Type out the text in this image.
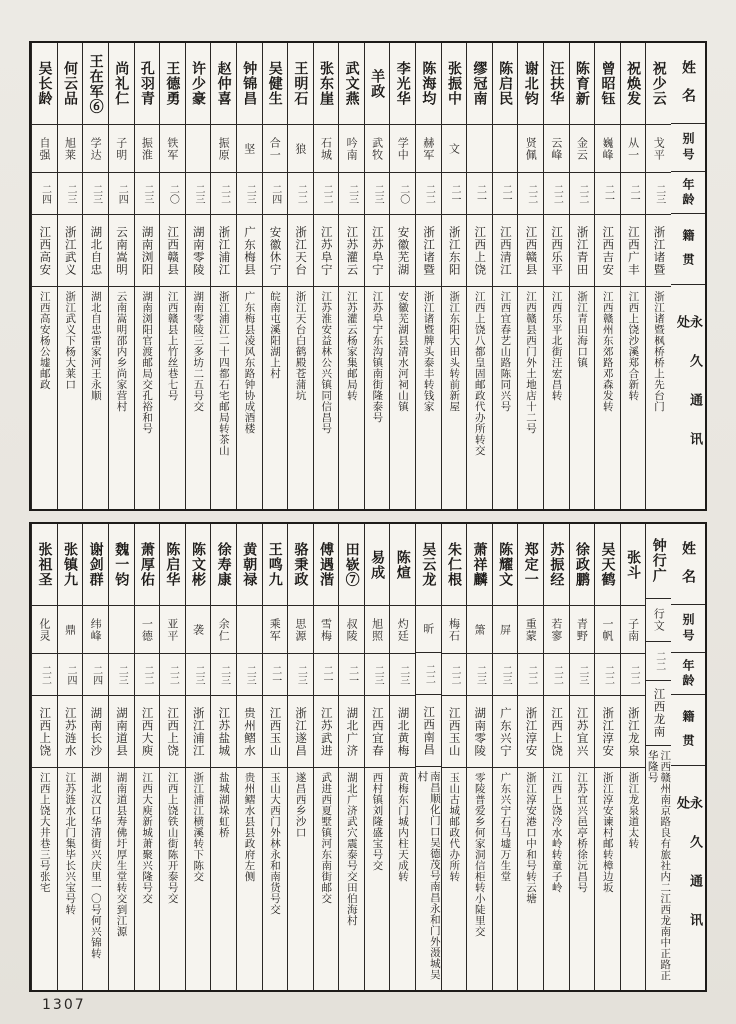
姓名
别号
年龄
籍贯
永久通讯处
祝少云
戈平
二三
浙江诸暨
浙江诸暨枫桥桥上先台门
祝焕发
从一
二一
江西广丰
江西上饶沙溪郑合新转
曾昭钰
巍峰
二一
江西吉安
江西赣州东郊路邓森发转
陈育新
金云
二二
浙江青田
浙江青田海口镇
汪扶华
云峰
二二
江西乐平
江西乐平北街汪宏昌转
谢北钧
贤佩
二二
江西赣县
江西赣县西门外土地店十二号
陈启民
二一
江西清江
江西宜春艺山路陈同兴号
缪冠南
二一
江西上饶
江西上饶八都皇固邮政代办所转交
张振中
文
二一
浙江东阳
浙江东阳大田头转前新屋
陈海均
赫军
二二
浙江诸暨
浙江诸暨牌头泰丰转钱家
李光华
学中
二〇
安徽芜湖
安徽芜湖县清水河祠山镇
羊政
武牧
二三
江苏阜宁
江苏阜宁东沟镇南街隆泰号
武文燕
吟南
二三
江苏灌云
江苏灌云杨家集邮局转
张东崖
石城
二二
江苏阜宁
江苏淮安益林公兴镇同信昌号
王明石
狼
二二
浙江天台
浙江天台白鹤殿苍蒲坑
吴健生
合一
二四
安徽休宁
皖南屯溪阳湖上村
钟锦昌
坚
二三
广东梅县
广东梅县凌风东路钟协成酒楼
赵仲喜
振原
二二
浙江浦江
浙江浦江二十四都石宅邮局转茶山
许少豪
二三
湖南零陵
湖南零陵三多坊二五号交
王德勇
铁军
二〇
江西赣县
江西赣县上竹丝巷七号
孔羽青
振淮
二三
湖南浏阳
湖南浏阳官渡邮局交孔裕和号
尚礼仁
子明
二四
云南嵩明
云南嵩明邵内乡尚家营村
王在军⑥
学达
二三
湖北自忠
湖北自忠雷家河王永顺
何云品
旭莱
二三
浙江武义
浙江武义下杨大莱口
吴长龄
自强
二四
江西高安
江西高安杨公墟邮政
姓名
别号
年龄
籍贯
永久通讯处
钟行广
行文
二二
江西龙南
江西赣州南京路良有旅社内二江西龙南中正路正华隆号
张斗
子南
二二
浙江龙泉
浙江龙泉道太转
吴天鹤
一帆
二二
浙江淳安
浙江淳安谏村邮转樟边坂
徐政鹏
青野
二三
江苏宜兴
江苏宜兴邑亭桥徐沅昌号
苏振经
若寥
二二
江西上饶
江西上饶冷水岭转童子岭
郑定一
重蒙
二二
浙江淳安
浙江淳安港口中和号转云塘
陈耀文
屏
二三
广东兴宁
广东兴宁石马墟万生堂
萧祥麟
箫
二三
湖南零陵
零陵普爱乡何家洞信柜转小陡里交
朱仁根
梅石
二二
江西玉山
玉山古城邮政代办所转
吴云龙
昕
二二
江西南昌
南昌顺化门口吴德茂号南昌永和门外滠城吴村
陈煊
灼廷
二三
湖北黄梅
黄梅东门城内柱天成转
易成
旭照
二三
江西宜春
西村镇刘隆盛宝号交
田嵚⑦
叔陵
二一
湖北广济
湖北广济武穴震泰号交田伯海村
傅遇湝
雪梅
二一
江苏武进
武进西夏墅镇河东南街邮交
骆秉政
思源
二三
浙江遂昌
遂昌西乡沙口
王鸣九
乘军
二一
江西玉山
玉山大西门外林永和南货号交
黄朝禄
二三
贵州鳛水
贵州鳛水县县政府左侧
徐寿康
余仁
二三
江苏盐城
盐城湖垛虹桥
陈文彬
袭
二三
浙江浦江
浙江浦江横溪转下陈交
陈启华
亚平
二二
江西上饶
江西上饶铁山街陈开泰号交
萧厚佑
一德
二二
江西大庾
江西大庾新城萧聚兴隆号交
魏一钧
二三
湖南道县
湖南道县寿佛圩厚生堂转交到江源
谢剑群
纬峰
二四
湖南长沙
湖北汉口华清街兴庆里一〇号何兴锦转
张镇九
鼎
二四
江苏涟水
江苏涟水北门集毕长兴宝号转
张祖圣
化灵
二二
江西上饶
江西上饶大井巷三号张宅
1307
